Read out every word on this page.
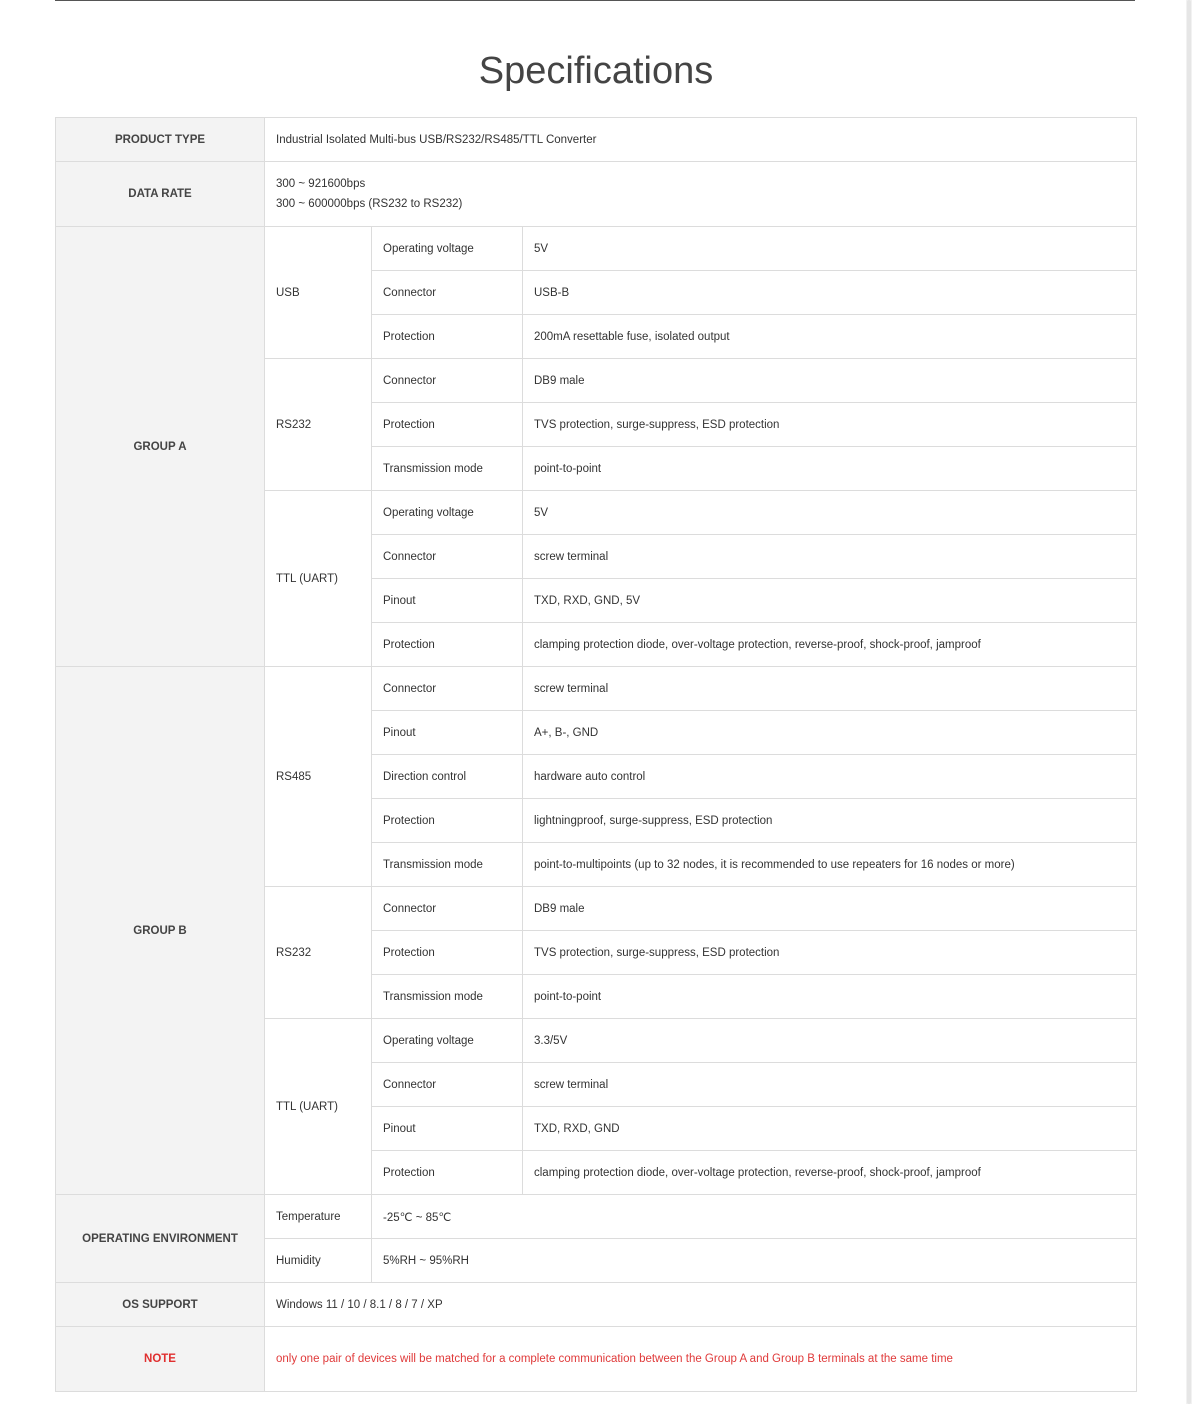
Specifications
PRODUCT TYPE	Industrial Isolated Multi-bus USB/RS232/RS485/TTL Converter		
DATA RATE	300 ~ 921600bps
300 ~ 600000bps (RS232 to RS232)		

GROUP A	USB	Operating voltage	5V
		Connector	USB-B
		Protection	200mA resettable fuse, isolated output
	RS232	Connector	DB9 male
		Protection	TVS protection, surge-suppress, ESD protection
		Transmission mode	point-to-point
	TTL (UART)	Operating voltage	5V
		Connector	screw terminal
		Pinout	TXD, RXD, GND, 5V
		Protection	clamping protection diode, over-voltage protection, reverse-proof, shock-proof, jamproof
GROUP B	RS485	Connector	screw terminal
		Pinout	A+, B-, GND
		Direction control	hardware auto control
		Protection	lightningproof, surge-suppress, ESD protection
		Transmission mode	point-to-multipoints (up to 32 nodes, it is recommended to use repeaters for 16 nodes or more)
	RS232	Connector	DB9 male
		Protection	TVS protection, surge-suppress, ESD protection
		Transmission mode	point-to-point
	TTL (UART)	Operating voltage	3.3/5V
		Connector	screw terminal
		Pinout	TXD, RXD, GND
		Protection	clamping protection diode, over-voltage protection, reverse-proof, shock-proof, jamproof
OPERATING ENVIRONMENT	Temperature	-25℃ ~ 85℃	
	Humidity	5%RH ~ 95%RH	
OS SUPPORT	Windows 11 / 10 / 8.1 / 8 / 7 / XP		
NOTE	only one pair of devices will be matched for a complete communication between the Group A and Group B terminals at the same time		
